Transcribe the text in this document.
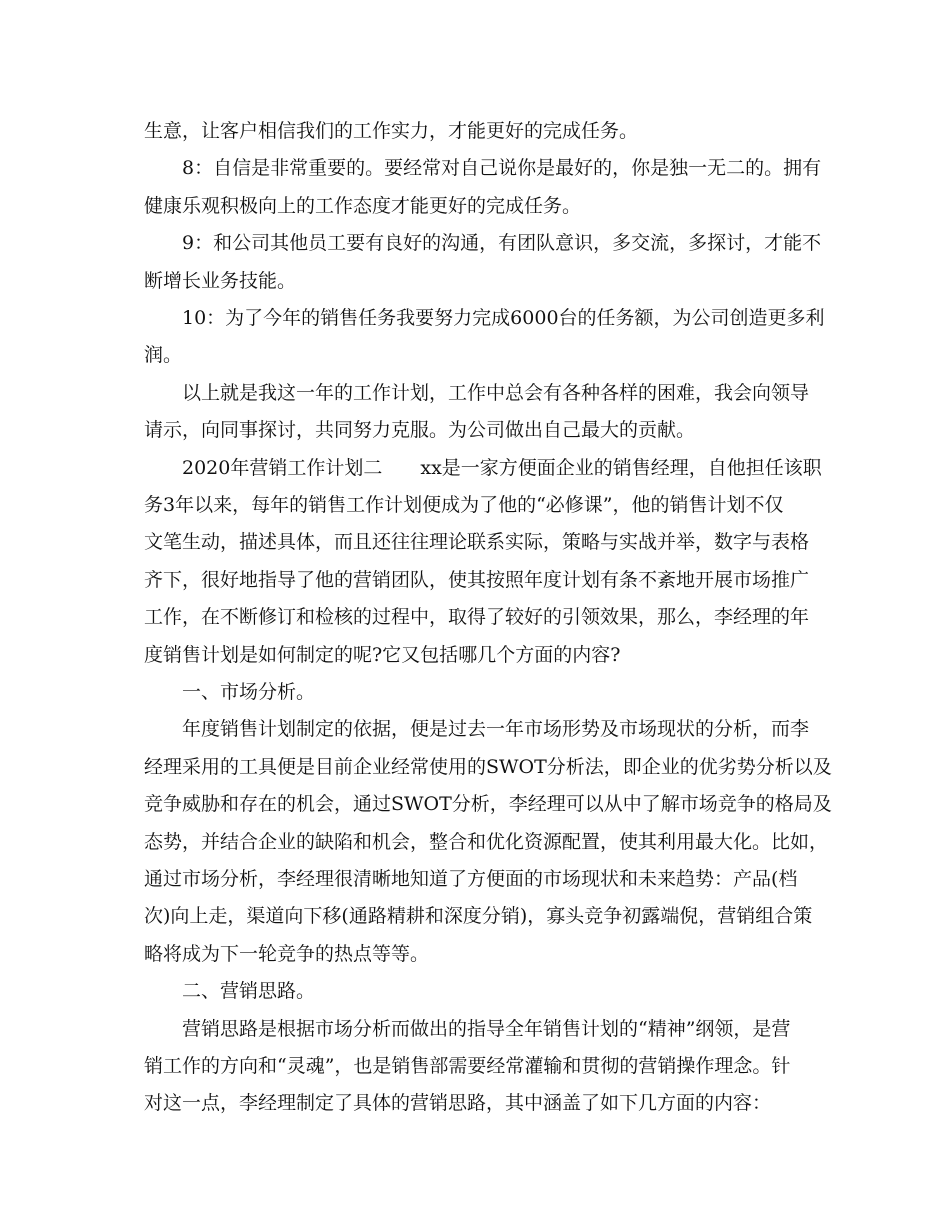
生意，让客户相信我们的工作实力，才能更好的完成任务。
8：自信是非常重要的。要经常对自己说你是最好的，你是独一无二的。拥有
健康乐观积极向上的工作态度才能更好的完成任务。
9：和公司其他员工要有良好的沟通，有团队意识，多交流，多探讨，才能不
断增长业务技能。
10：为了今年的销售任务我要努力完成6000台的任务额，为公司创造更多利
润。
以上就是我这一年的工作计划，工作中总会有各种各样的困难，我会向领导
请示，向同事探讨，共同努力克服。为公司做出自己最大的贡献。
2020年营销工作计划二　　xx是一家方便面企业的销售经理，自他担任该职
务3年以来，每年的销售工作计划便成为了他的“必修课”，他的销售计划不仅
文笔生动，描述具体，而且还往往理论联系实际，策略与实战并举，数字与表格
齐下，很好地指导了他的营销团队，使其按照年度计划有条不紊地开展市场推广
工作，在不断修订和检核的过程中，取得了较好的引领效果，那么，李经理的年
度销售计划是如何制定的呢?它又包括哪几个方面的内容?
一、市场分析。
年度销售计划制定的依据，便是过去一年市场形势及市场现状的分析，而李
经理采用的工具便是目前企业经常使用的SWOT分析法，即企业的优劣势分析以及
竞争威胁和存在的机会，通过SWOT分析，李经理可以从中了解市场竞争的格局及
态势，并结合企业的缺陷和机会，整合和优化资源配置，使其利用最大化。比如，
通过市场分析，李经理很清晰地知道了方便面的市场现状和未来趋势：产品(档
次)向上走，渠道向下移(通路精耕和深度分销)，寡头竞争初露端倪，营销组合策
略将成为下一轮竞争的热点等等。
二、营销思路。
营销思路是根据市场分析而做出的指导全年销售计划的“精神”纲领，是营
销工作的方向和“灵魂”，也是销售部需要经常灌输和贯彻的营销操作理念。针
对这一点，李经理制定了具体的营销思路，其中涵盖了如下几方面的内容：
